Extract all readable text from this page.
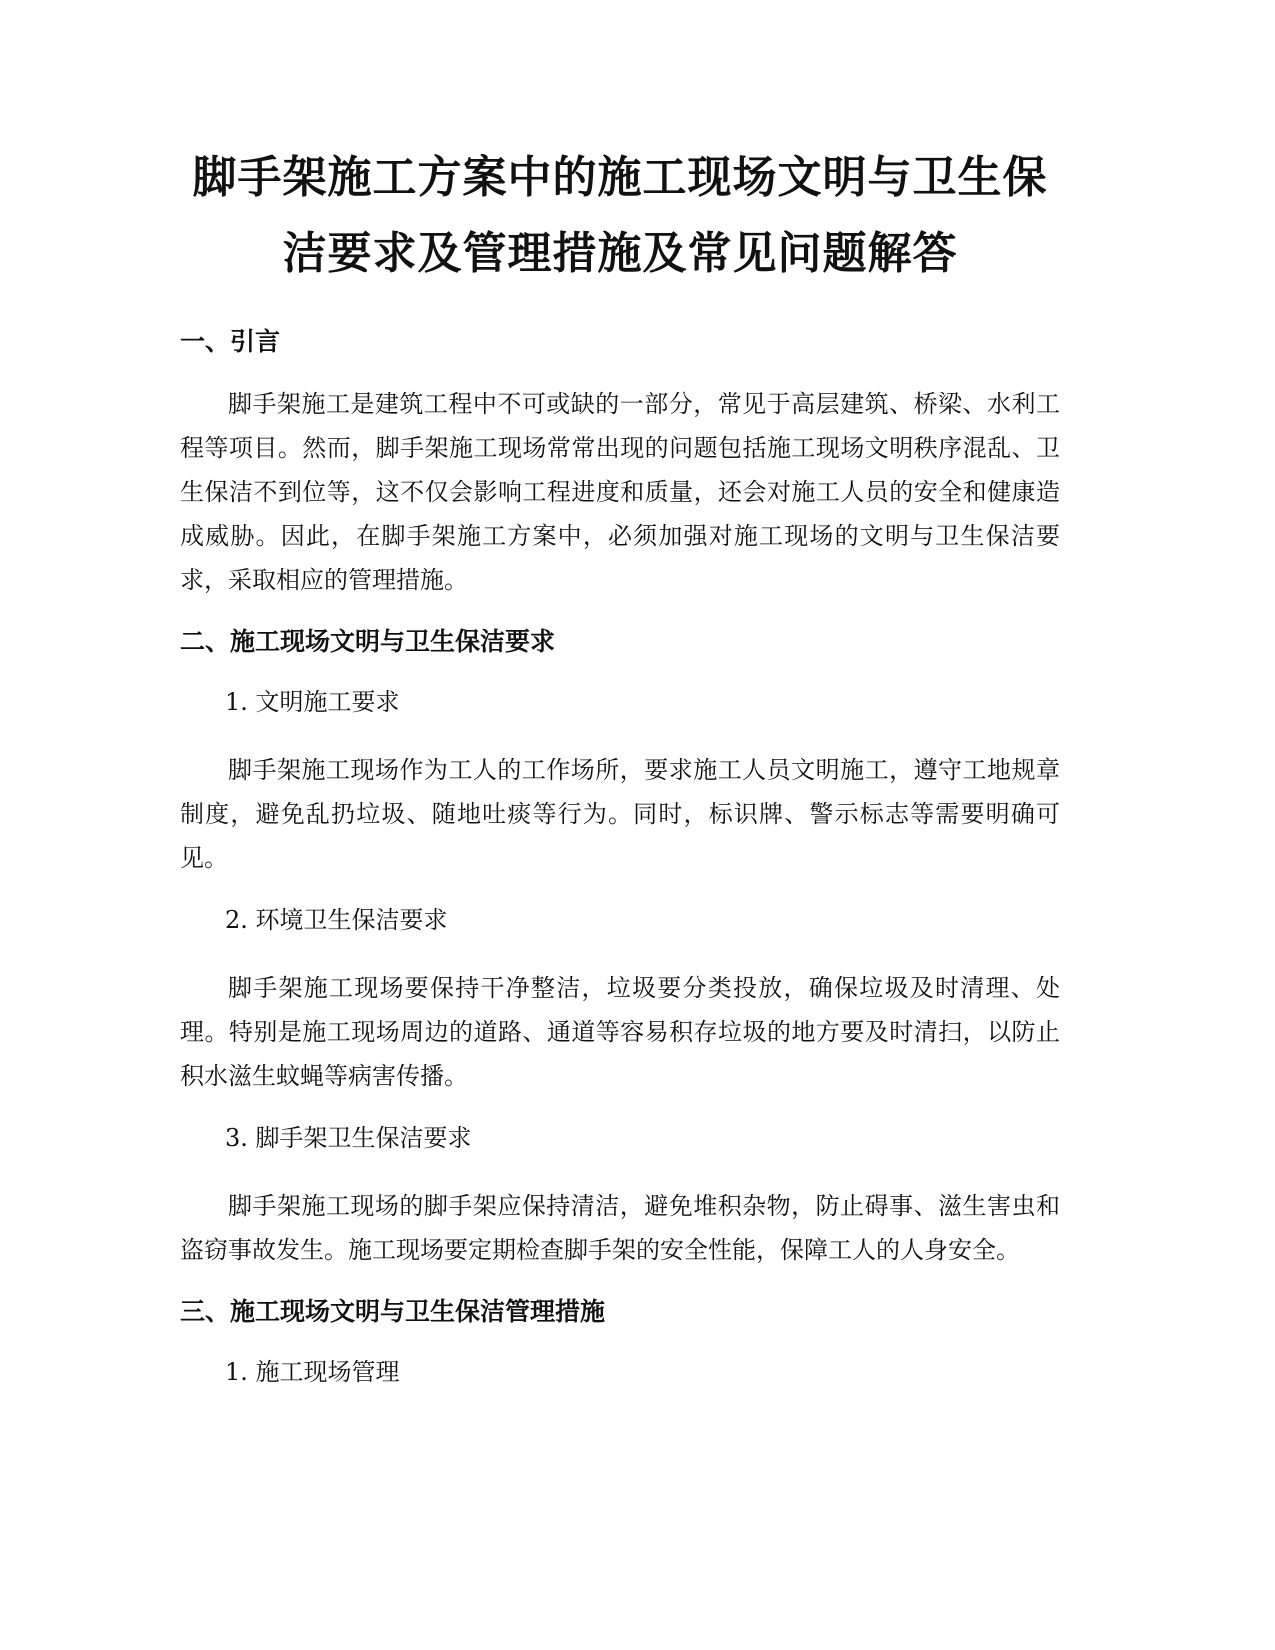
脚手架施工方案中的施工现场文明与卫生保洁要求及管理措施及常见问题解答
一、引言
脚手架施工是建筑工程中不可或缺的一部分，常见于高层建筑、桥梁、水利工程等项目。然而，脚手架施工现场常常出现的问题包括施工现场文明秩序混乱、卫生保洁不到位等，这不仅会影响工程进度和质量，还会对施工人员的安全和健康造成威胁。因此，在脚手架施工方案中，必须加强对施工现场的文明与卫生保洁要求，采取相应的管理措施。
二、施工现场文明与卫生保洁要求
1. 文明施工要求
脚手架施工现场作为工人的工作场所，要求施工人员文明施工，遵守工地规章制度，避免乱扔垃圾、随地吐痰等行为。同时，标识牌、警示标志等需要明确可见。
2. 环境卫生保洁要求
脚手架施工现场要保持干净整洁，垃圾要分类投放，确保垃圾及时清理、处理。特别是施工现场周边的道路、通道等容易积存垃圾的地方要及时清扫，以防止积水滋生蚊蝇等病害传播。
3. 脚手架卫生保洁要求
脚手架施工现场的脚手架应保持清洁，避免堆积杂物，防止碍事、滋生害虫和盗窃事故发生。施工现场要定期检查脚手架的安全性能，保障工人的人身安全。
三、施工现场文明与卫生保洁管理措施
1. 施工现场管理
